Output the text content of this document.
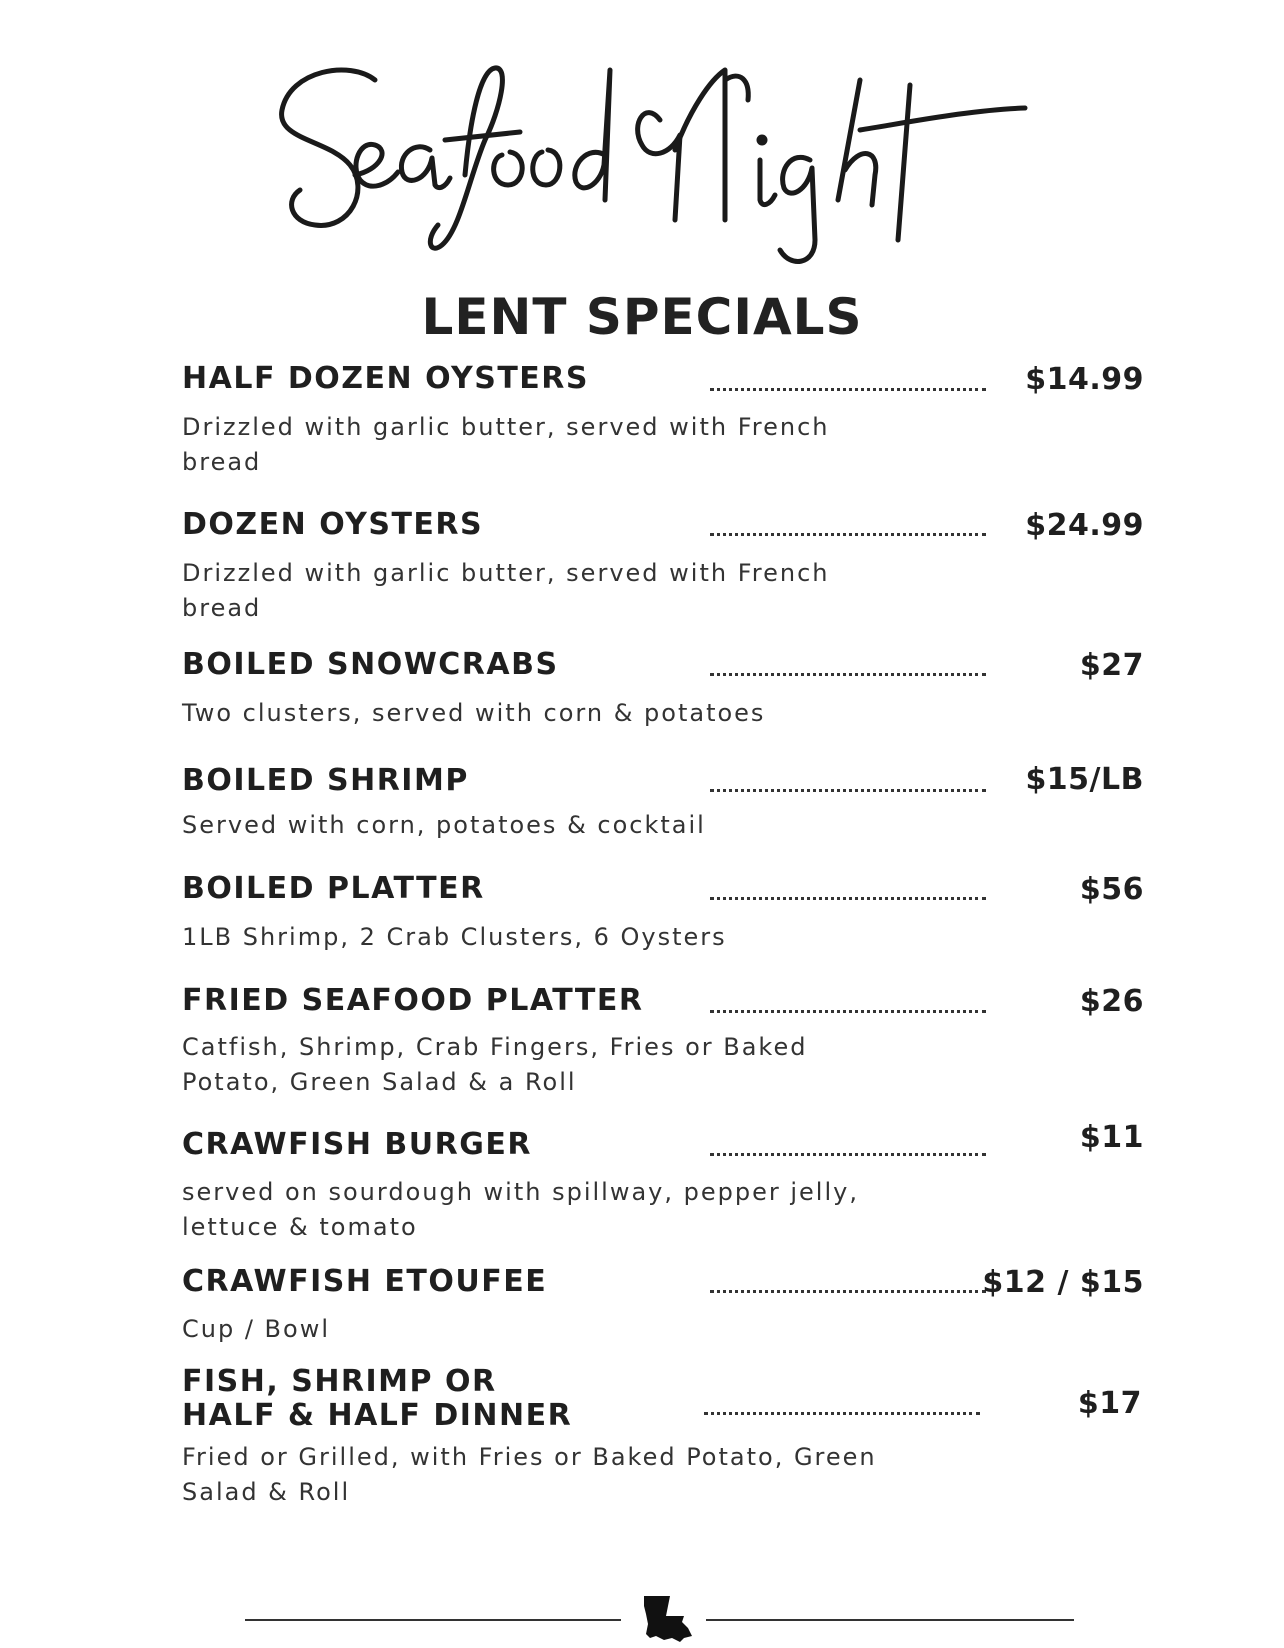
LENT SPECIALS
HALF DOZEN OYSTERS	$14.99
Drizzled with garlic butter, served with French bread
DOZEN OYSTERS	$24.99
Drizzled with garlic butter, served with French bread
BOILED SNOWCRABS	$27
Two clusters, served with corn & potatoes
BOILED SHRIMP	$15/LB
Served with corn, potatoes & cocktail
BOILED PLATTER	$56
1LB Shrimp, 2 Crab Clusters, 6 Oysters
FRIED SEAFOOD PLATTER	$26
Catfish, Shrimp, Crab Fingers, Fries or Baked Potato, Green Salad & a Roll
CRAWFISH BURGER	$11
served on sourdough with spillway, pepper jelly, lettuce & tomato
CRAWFISH ETOUFEE	$12 / $15
Cup / Bowl
FISH, SHRIMP OR
HALF & HALF DINNER	$17
Fried or Grilled, with Fries or Baked Potato, Green Salad & Roll
